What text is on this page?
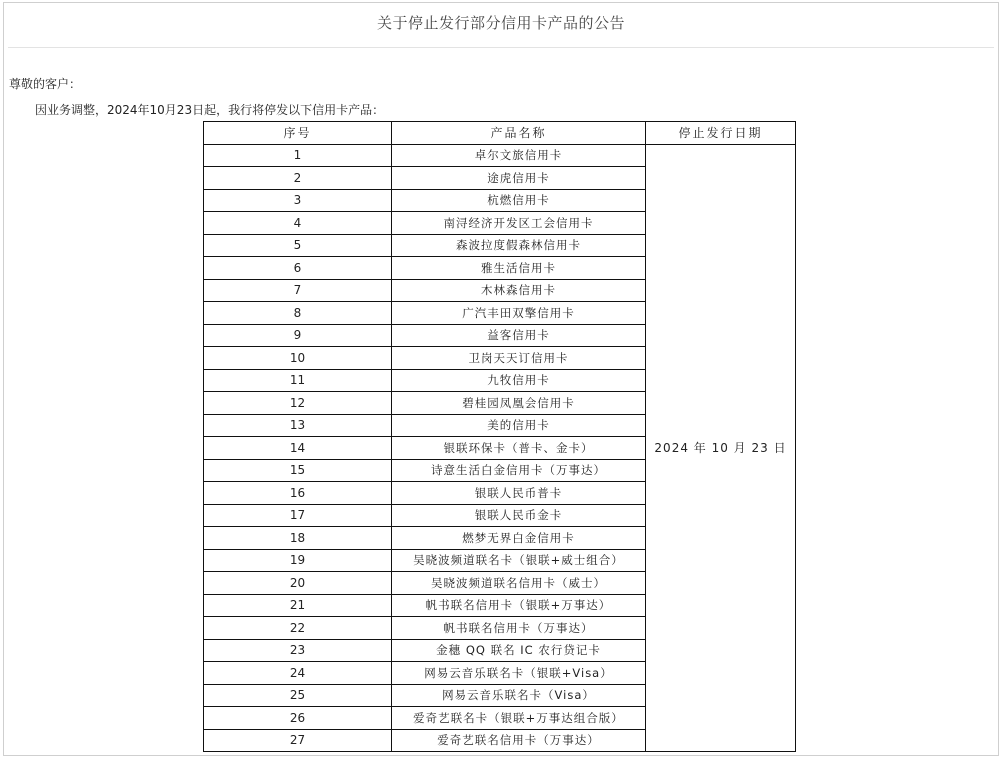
关于停止发行部分信用卡产品的公告
尊敬的客户：
因业务调整，2024年10月23日起，我行将停发以下信用卡产品：
序号	产品名称	停止发行日期
1	卓尔文旅信用卡	2024 年 10 月 23 日
2	途虎信用卡	
3	杭燃信用卡	
4	南浔经济开发区工会信用卡	
5	森波拉度假森林信用卡	
6	雅生活信用卡	
7	木林森信用卡	
8	广汽丰田双擎信用卡	
9	益客信用卡	
10	卫岗天天订信用卡	
11	九牧信用卡	
12	碧桂园凤凰会信用卡	
13	美的信用卡	
14	银联环保卡（普卡、金卡）	
15	诗意生活白金信用卡（万事达）	
16	银联人民币普卡	
17	银联人民币金卡	
18	燃梦无界白金信用卡	
19	吴晓波频道联名卡（银联+威士组合）	
20	吴晓波频道联名信用卡（威士）	
21	帆书联名信用卡（银联+万事达）	
22	帆书联名信用卡（万事达）	
23	金穗 QQ 联名 IC 农行贷记卡	
24	网易云音乐联名卡（银联+Visa）	
25	网易云音乐联名卡（Visa）	
26	爱奇艺联名卡（银联+万事达组合版）	
27	爱奇艺联名信用卡（万事达）	
